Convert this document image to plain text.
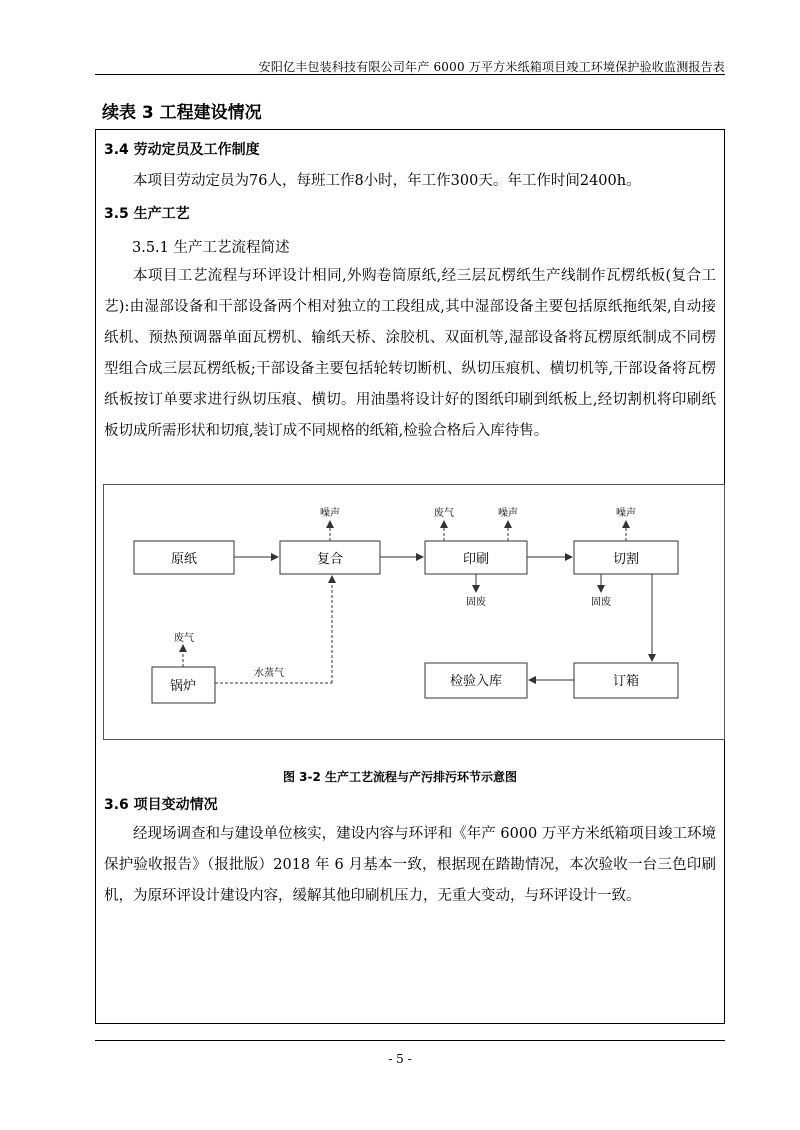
安阳亿丰包装科技有限公司年产 6000 万平方米纸箱项目竣工环境保护验收监测报告表
续表 3 工程建设情况
3.4 劳动定员及工作制度

本项目劳动定员为76人，每班工作8小时，年工作300天。年工作时间2400h。

3.5 生产工艺
3.5.1 生产工艺流程简述

本项目工艺流程与环评设计相同,外购卷筒原纸,经三层瓦楞纸生产线制作瓦楞纸板(复合工艺):由湿部设备和干部设备两个相对独立的工段组成,其中湿部设备主要包括原纸拖纸架,自动接纸机、预热预调器单面瓦楞机、输纸天桥、涂胶机、双面机等,湿部设备将瓦楞原纸制成不同楞型组合成三层瓦楞纸板;干部设备主要包括轮转切断机、纵切压痕机、横切机等,干部设备将瓦楞纸板按订单要求进行纵切压痕、横切。用油墨将设计好的图纸印刷到纸板上,经切割机将印刷纸板切成所需形状和切痕,装订成不同规格的纸箱,检验合格后入库待售。

原纸	复合	印刷	切割
锅炉	订箱
检验入库
水蒸气
废气
噪声	废气	噪声
固废
噪声
固废
图 3-2 生产工艺流程与产污排污环节示意图
3.6 项目变动情况

经现场调查和与建设单位核实，建设内容与环评和《年产 6000 万平方米纸箱项目竣工环境保护验收报告》（报批版）2018 年 6 月基本一致，根据现在踏勘情况，本次验收一台三色印刷机，为原环评设计建设内容，缓解其他印刷机压力，无重大变动，与环评设计一致。

- 5 -
